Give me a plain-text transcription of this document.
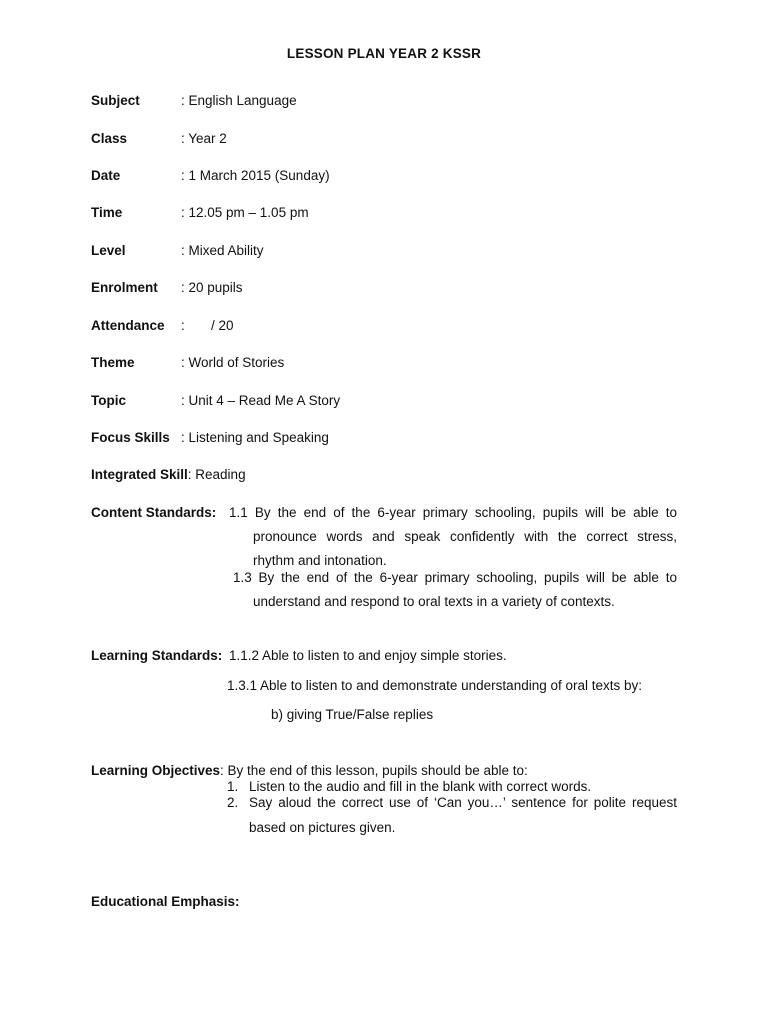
LESSON PLAN YEAR 2 KSSR
Subject	: English Language
Class	: Year 2
Date	: 1 March 2015 (Sunday)
Time	: 12.05 pm – 1.05 pm
Level	: Mixed Ability
Enrolment : 20 pupils
Attendance :       / 20
Theme	: World of Stories
Topic	: Unit 4 – Read Me A Story
Focus Skills : Listening and Speaking
Integrated Skill: Reading
Content Standards: 1.1 By the end of the 6-year primary schooling, pupils will be able to
pronounce words and speak confidently with the correct stress,
rhythm and intonation.
1.3 By the end of the 6-year primary schooling, pupils will be able to
understand and respond to oral texts in a variety of contexts.
Learning Standards: 1.1.2 Able to listen to and enjoy simple stories.
1.3.1 Able to listen to and demonstrate understanding of oral texts by:
b) giving True/False replies
Learning Objectives: By the end of this lesson, pupils should be able to:
1. Listen to the audio and fill in the blank with correct words.
2. Say aloud the correct use of ‘Can you…’ sentence for polite request
based on pictures given.
Educational Emphasis:
